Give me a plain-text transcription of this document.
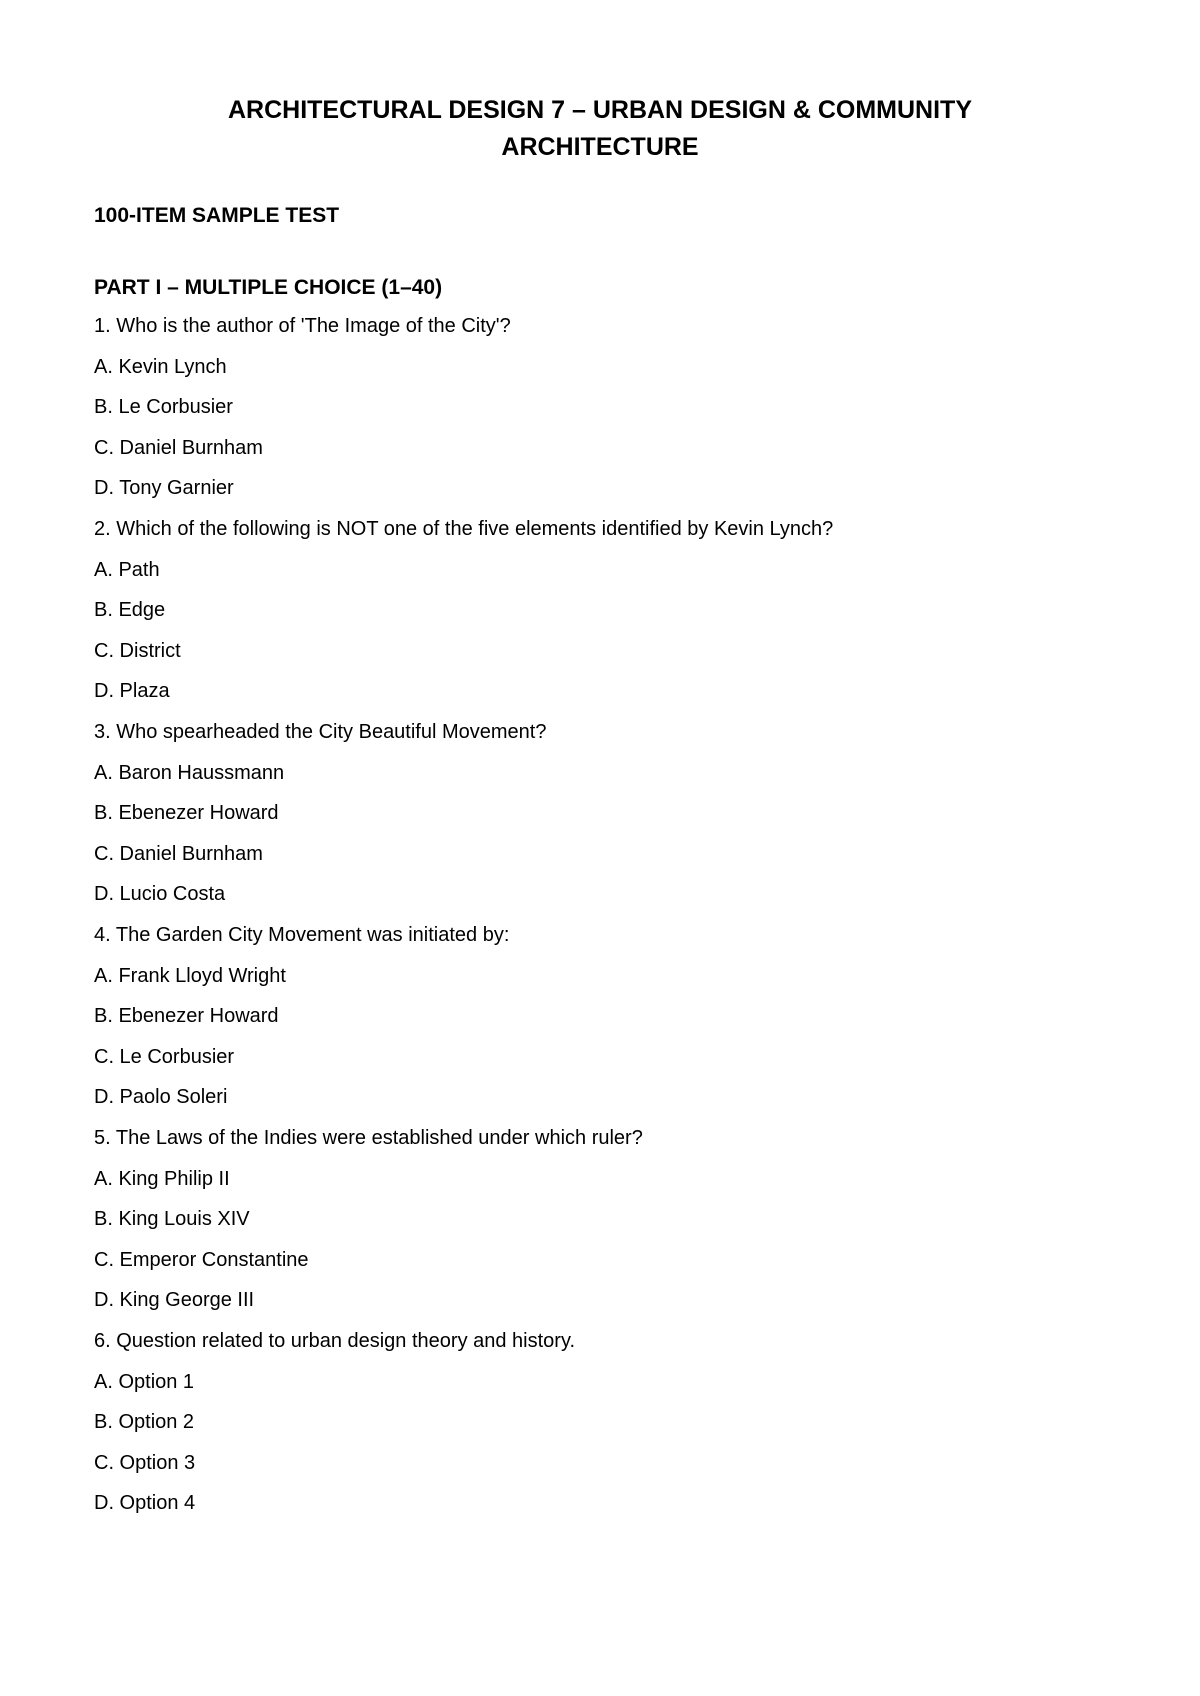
ARCHITECTURAL DESIGN 7 – URBAN DESIGN & COMMUNITY
ARCHITECTURE

100-ITEM SAMPLE TEST

PART I – MULTIPLE CHOICE (1–40)

1. Who is the author of 'The Image of the City'?

A. Kevin Lynch

B. Le Corbusier

C. Daniel Burnham

D. Tony Garnier

2. Which of the following is NOT one of the five elements identified by Kevin Lynch?

A. Path

B. Edge

C. District

D. Plaza

3. Who spearheaded the City Beautiful Movement?

A. Baron Haussmann

B. Ebenezer Howard

C. Daniel Burnham

D. Lucio Costa

4. The Garden City Movement was initiated by:

A. Frank Lloyd Wright

B. Ebenezer Howard

C. Le Corbusier

D. Paolo Soleri

5. The Laws of the Indies were established under which ruler?

A. King Philip II

B. King Louis XIV

C. Emperor Constantine

D. King George III

6. Question related to urban design theory and history.

A. Option 1

B. Option 2

C. Option 3

D. Option 4
